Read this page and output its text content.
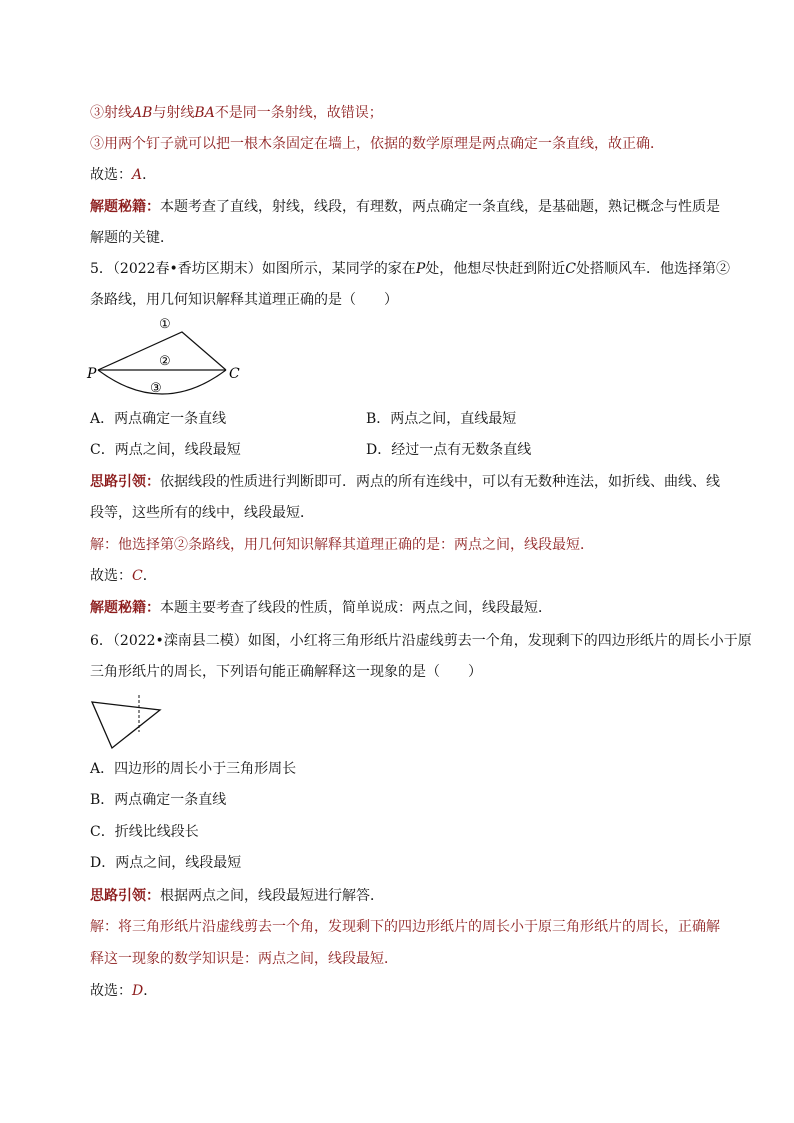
③射线AB与射线BA不是同一条射线，故错误；
③用两个钉子就可以把一根木条固定在墙上，依据的数学原理是两点确定一条直线，故正确．
故选：A．
解题秘籍：本题考查了直线，射线，线段，有理数，两点确定一条直线，是基础题，熟记概念与性质是
解题的关键．
5．（2022春•香坊区期末）如图所示，某同学的家在P处，他想尽快赶到附近C处搭顺风车．他选择第②
条路线，用几何知识解释其道理正确的是（　　）
P	C
①
②
③
A．两点确定一条直线	B．两点之间，直线最短
C．两点之间，线段最短	D．经过一点有无数条直线
思路引领：依据线段的性质进行判断即可．两点的所有连线中，可以有无数种连法，如折线、曲线、线
段等，这些所有的线中，线段最短．
解：他选择第②条路线，用几何知识解释其道理正确的是：两点之间，线段最短．
故选：C．
解题秘籍：本题主要考查了线段的性质，简单说成：两点之间，线段最短．
6．（2022•滦南县二模）如图，小红将三角形纸片沿虚线剪去一个角，发现剩下的四边形纸片的周长小于原
三角形纸片的周长，下列语句能正确解释这一现象的是（　　）
A．四边形的周长小于三角形周长
B．两点确定一条直线
C．折线比线段长
D．两点之间，线段最短
思路引领：根据两点之间，线段最短进行解答．
解：将三角形纸片沿虚线剪去一个角，发现剩下的四边形纸片的周长小于原三角形纸片的周长，正确解
释这一现象的数学知识是：两点之间，线段最短．
故选：D．
